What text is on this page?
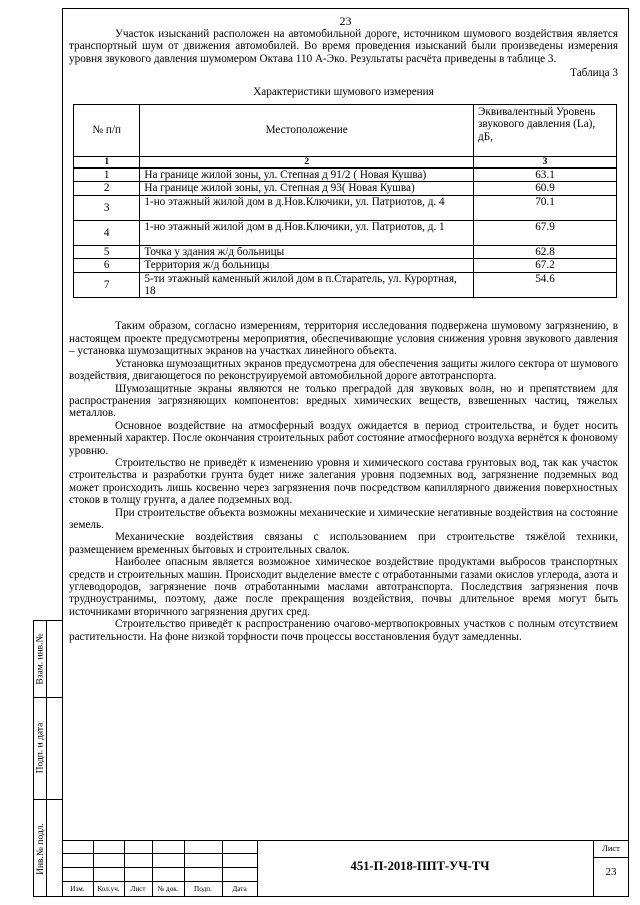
23

Участок изысканий расположен на автомобильной дороге, источником шумового воздействия является транспортный шум от движения автомобилей. Во время проведения изысканий были произведены измерения уровня звукового давления шумомером Октава 110 А-Эко. Результаты расчёта приведены в таблице 3.

Таблица 3
Характеристики шумового измерения
№ п/п	Местоположение	Эквивалентный Уровень звукового давления (La), дБ,
1	2	3
1	На границе жилой зоны, ул. Степная д 91/2 ( Новая Кушва)	63.1
2	На границе жилой зоны, ул. Степная д 93( Новая Кушва)	60.9
3	1-но этажный жилой дом в д.Нов.Ключики, ул. Патриотов, д. 4	70.1
4	1-но этажный жилой дом в д.Нов.Ключики, ул. Патриотов, д. 1	67.9
5	Точка у здания ж/д больницы	62.8
6	Территория ж/д больницы	67.2
7	5-ти этажный каменный жилой дом в п.Старатель, ул. Курортная, 18	54.6

Таким образом, согласно измерениям, территория исследования подвержена шумовому загрязнению, в настоящем проекте предусмотрены мероприятия, обеспечивающие условия снижения уровня звукового давления – установка шумозащитных экранов на участках линейного объекта.

Установка шумозащитных экранов предусмотрена для обеспечения защиты жилого сектора от шумового воздействия, двигающегося по реконструируемой автомобильной дороге автотранспорта.

Шумозащитные экраны являются не только преградой для звуковых волн, но и препятствием для распространения загрязняющих компонентов: вредных химических веществ, взвешенных частиц, тяжелых металлов.

Основное воздействие на атмосферный воздух ожидается в период строительства, и будет носить временный характер. После окончания строительных работ состояние атмосферного воздуха вернётся к фоновому уровню.

Строительство не приведёт к изменению уровня и химического состава грунтовых вод, так как участок строительства и разработки грунта будет ниже залегания уровня подземных вод, загрязнение подземных вод может происходить лишь косвенно через загрязнения почв посредством капиллярного движения поверхностных стоков в толщу грунта, а далее подземных вод.

При строительстве объекта возможны механические и химические негативные воздействия на состояние земель.

Механические воздействия связаны с использованием при строительстве тяжёлой техники, размещением временных бытовых и строительных свалок.

Наиболее опасным является возможное химическое воздействие продуктами выбросов транспортных средств и строительных машин. Происходит выделение вместе с отработанными газами окислов углерода, азота и углеводородов, загрязнение почв отработанными маслами автотранспорта. Последствия загрязнения почв трудноустранимы, поэтому, даже после прекращения воздействия, почвы длительное время могут быть источниками вторичного загрязнения других сред.

Строительство приведёт к распространению очагово-мертвопокровных участков с полным отсутствием растительности. На фоне низкой торфности почв процессы восстановления будут замедленны.

Взам. инв.№
Подп. и дата
Инв.№ подл.
Изм.	Кол.уч.	Лист	№ док.	Подп.	Дата
451-П-2018-ППТ-УЧ-ТЧ
Лист
23
